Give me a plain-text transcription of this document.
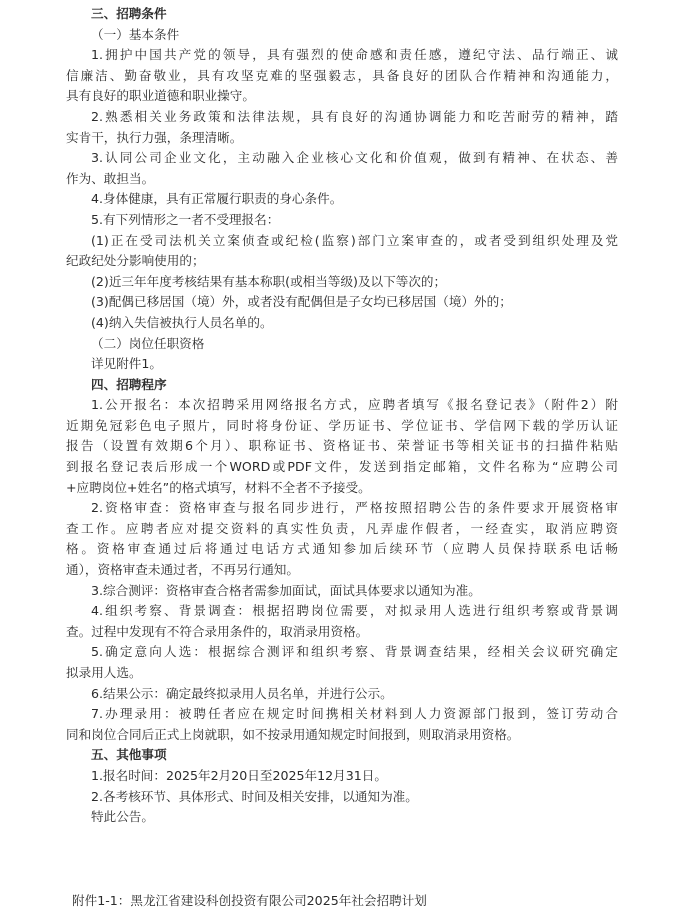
三、招聘条件
（一）基本条件
1.拥护中国共产党的领导，具有强烈的使命感和责任感，遵纪守法、品行端正、诚
信廉洁、勤奋敬业，具有攻坚克难的坚强毅志，具备良好的团队合作精神和沟通能力，
具有良好的职业道德和职业操守。
2.熟悉相关业务政策和法律法规，具有良好的沟通协调能力和吃苦耐劳的精神，踏
实肯干，执行力强，条理清晰。
3.认同公司企业文化，主动融入企业核心文化和价值观，做到有精神、在状态、善
作为、敢担当。
4.身体健康，具有正常履行职责的身心条件。
5.有下列情形之一者不受理报名：
(1)正在受司法机关立案侦查或纪检(监察)部门立案审查的，或者受到组织处理及党
纪政纪处分影响使用的；
(2)近三年年度考核结果有基本称职(或相当等级)及以下等次的；
(3)配偶已移居国（境）外，或者没有配偶但是子女均已移居国（境）外的；
(4)纳入失信被执行人员名单的。
（二）岗位任职资格
详见附件1。
四、招聘程序
1.公开报名：本次招聘采用网络报名方式，应聘者填写《报名登记表》（附件2）附
近期免冠彩色电子照片，同时将身份证、学历证书、学位证书、学信网下载的学历认证
报告（设置有效期6个月）、职称证书、资格证书、荣誉证书等相关证书的扫描件粘贴
到报名登记表后形成一个WORD或PDF文件，发送到指定邮箱，文件名称为“应聘公司
+应聘岗位+姓名”的格式填写，材料不全者不予接受。
2.资格审查：资格审查与报名同步进行，严格按照招聘公告的条件要求开展资格审
查工作。应聘者应对提交资料的真实性负责，凡弄虚作假者，一经查实，取消应聘资
格。资格审查通过后将通过电话方式通知参加后续环节（应聘人员保持联系电话畅
通），资格审查未通过者，不再另行通知。
3.综合测评：资格审查合格者需参加面试，面试具体要求以通知为准。
4.组织考察、背景调查：根据招聘岗位需要，对拟录用人选进行组织考察或背景调
查。过程中发现有不符合录用条件的，取消录用资格。
5.确定意向人选：根据综合测评和组织考察、背景调查结果，经相关会议研究确定
拟录用人选。
6.结果公示：确定最终拟录用人员名单，并进行公示。
7.办理录用：被聘任者应在规定时间携相关材料到人力资源部门报到，签订劳动合
同和岗位合同后正式上岗就职，如不按录用通知规定时间报到，则取消录用资格。
五、其他事项
1.报名时间：2025年2月20日至2025年12月31日。
2.各考核环节、具体形式、时间及相关安排，以通知为准。
特此公告。
附件1-1：黑龙江省建设科创投资有限公司2025年社会招聘计划
